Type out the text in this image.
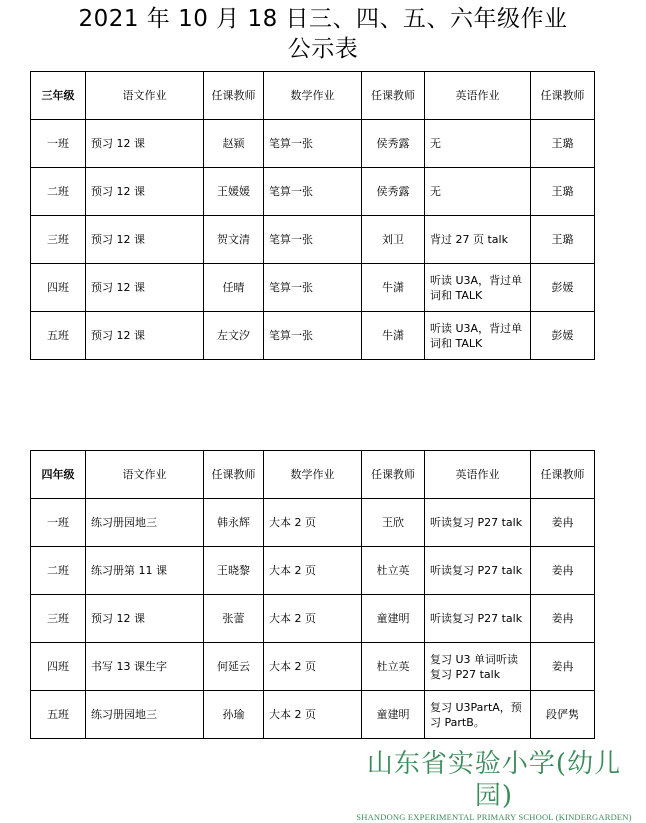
2021 年 10 月 18 日三、四、五、六年级作业
公示表
三年级	语文作业	任课教师	数学作业	任课教师	英语作业	任课教师
一班	预习 12 课	赵颍	笔算一张	侯秀露	无	王璐
二班	预习 12 课	王媛媛	笔算一张	侯秀露	无	王璐
三班	预习 12 课	贺文清	笔算一张	刘卫	背过 27 页 talk	王璐
四班	预习 12 课	任晴	笔算一张	牛潇	听读 U3A，背过单词和 TALK	彭媛
五班	预习 12 课	左文汐	笔算一张	牛潇	听读 U3A，背过单词和 TALK	彭媛
四年级	语文作业	任课教师	数学作业	任课教师	英语作业	任课教师
一班	练习册园地三	韩永辉	大本 2 页	王欣	听读复习 P27 talk	姜冉
二班	练习册第 11 课	王晓黎	大本 2 页	杜立英	听读复习 P27 talk	姜冉
三班	预习 12 课	张蕾	大本 2 页	童建明	听读复习 P27 talk	姜冉
四班	书写 13 课生字	何延云	大本 2 页	杜立英	复习 U3 单词听读复习 P27 talk	姜冉
五班	练习册园地三	孙瑜	大本 2 页	童建明	复习 U3PartA，预习 PartB。	段俨隽
山东省实验小学(幼儿园)
SHANDONG EXPERIMENTAL PRIMARY SCHOOL (KINDERGARDEN)
